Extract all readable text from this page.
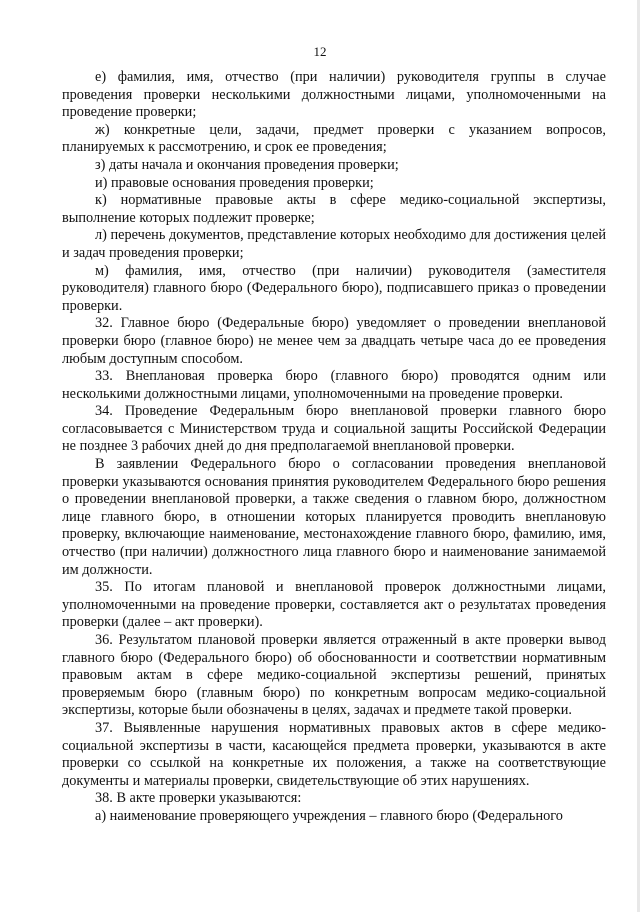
12

е) фамилия, имя, отчество (при наличии) руководителя группы в случае проведения проверки несколькими должностными лицами, уполномоченными на проведение проверки;

ж) конкретные цели, задачи, предмет проверки с указанием вопросов, планируемых к рассмотрению, и срок ее проведения;

з) даты начала и окончания проведения проверки;

и) правовые основания проведения проверки;

к) нормативные правовые акты в сфере медико-социальной экспертизы, выполнение которых подлежит проверке;

л) перечень документов, представление которых необходимо для достижения целей и задач проведения проверки;

м) фамилия, имя, отчество (при наличии) руководителя (заместителя руководителя) главного бюро (Федерального бюро), подписавшего приказ о проведении проверки.

32. Главное бюро (Федеральные бюро) уведомляет о проведении внеплановой проверки бюро (главное бюро) не менее чем за двадцать четыре часа до ее проведения любым доступным способом.

33. Внеплановая проверка бюро (главного бюро) проводятся одним или несколькими должностными лицами, уполномоченными на проведение проверки.

34. Проведение Федеральным бюро внеплановой проверки главного бюро согласовывается с Министерством труда и социальной защиты Российской Федерации не позднее 3 рабочих дней до дня предполагаемой внеплановой проверки.

В заявлении Федерального бюро о согласовании проведения внеплановой проверки указываются основания принятия руководителем Федерального бюро решения о проведении внеплановой проверки, а также сведения о главном бюро, должностном лице главного бюро, в отношении которых планируется проводить внеплановую проверку, включающие наименование, местонахождение главного бюро, фамилию, имя, отчество (при наличии) должностного лица главного бюро и наименование занимаемой им должности.

35. По итогам плановой и внеплановой проверок должностными лицами, уполномоченными на проведение проверки, составляется акт о результатах проведения проверки (далее – акт проверки).

36. Результатом плановой проверки является отраженный в акте проверки вывод главного бюро (Федерального бюро) об обоснованности и соответствии нормативным правовым актам в сфере медико-социальной экспертизы решений, принятых проверяемым бюро (главным бюро) по конкретным вопросам медико-социальной экспертизы, которые были обозначены в целях, задачах и предмете такой проверки.

37. Выявленные нарушения нормативных правовых актов в сфере медико-социальной экспертизы в части, касающейся предмета проверки, указываются в акте проверки со ссылкой на конкретные их положения, а также на соответствующие документы и материалы проверки, свидетельствующие об этих нарушениях.

38. В акте проверки указываются:

а) наименование проверяющего учреждения – главного бюро (Федерального
